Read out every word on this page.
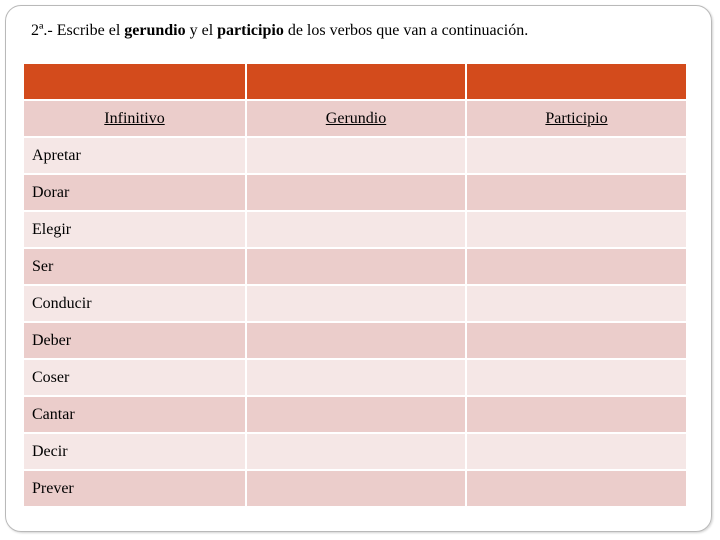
2ª.- Escribe el gerundio y el participio de los verbos que van a continuación.

Infinitivo	Gerundio	Participio
Apretar		
Dorar		
Elegir		
Ser		
Conducir		
Deber		
Coser		
Cantar		
Decir		
Prever		
